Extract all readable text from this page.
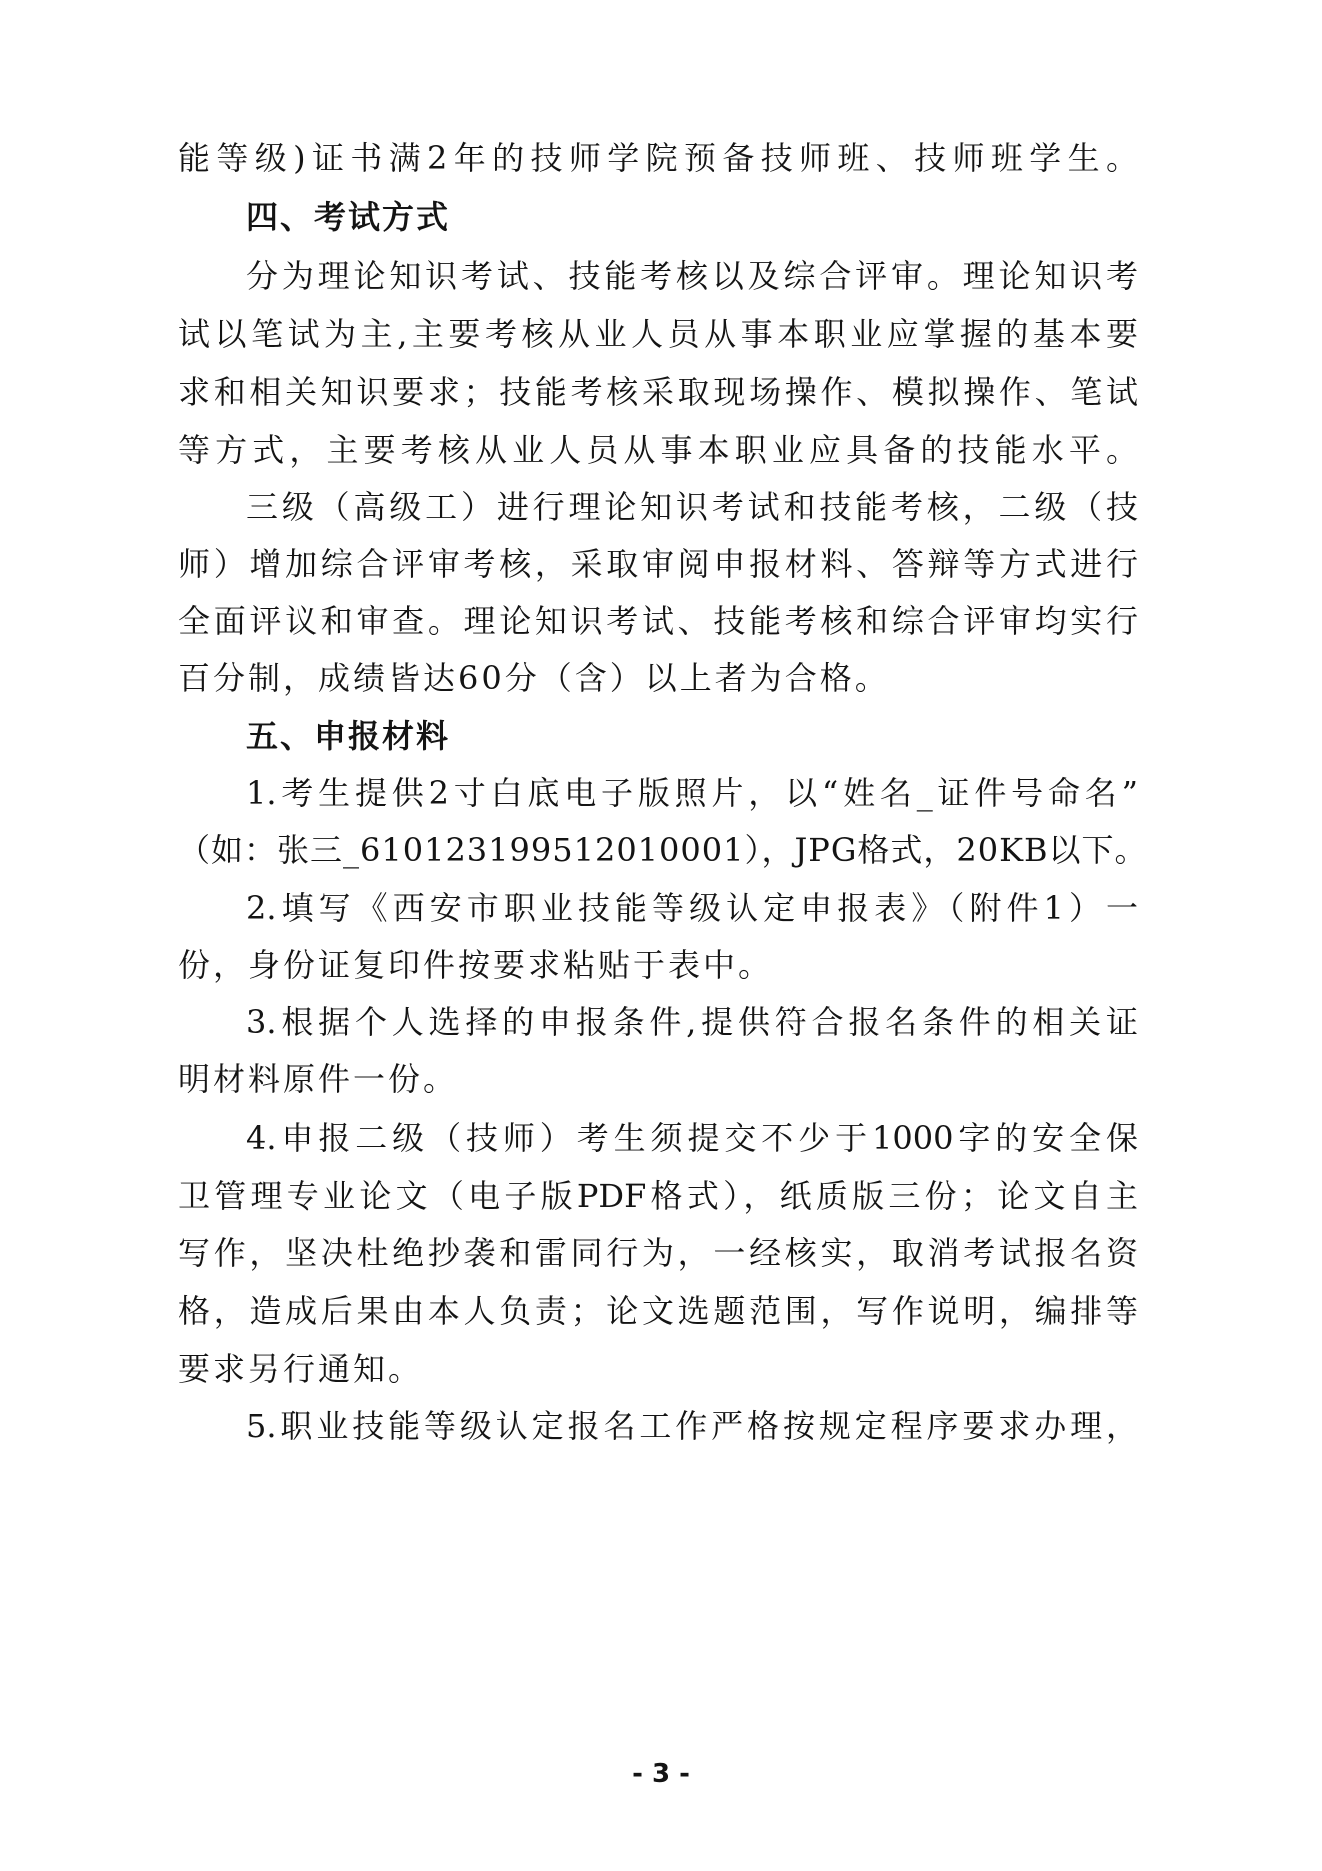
能等级)证书满2年的技师学院预备技师班、技师班学生。
四、考试方式
分为理论知识考试、技能考核以及综合评审。理论知识考
试以笔试为主,主要考核从业人员从事本职业应掌握的基本要
求和相关知识要求；技能考核采取现场操作、模拟操作、笔试
等方式，主要考核从业人员从事本职业应具备的技能水平。
三级（高级工）进行理论知识考试和技能考核，二级（技
师）增加综合评审考核，采取审阅申报材料、答辩等方式进行
全面评议和审查。理论知识考试、技能考核和综合评审均实行
百分制，成绩皆达60分（含）以上者为合格。
五、申报材料
1.考生提供2寸白底电子版照片，以“姓名_证件号命名”
（如：张三_610123199512010001），JPG格式，20KB以下。
2.填写《西安市职业技能等级认定申报表》（附件1）一
份，身份证复印件按要求粘贴于表中。
3.根据个人选择的申报条件,提供符合报名条件的相关证
明材料原件一份。
4.申报二级（技师）考生须提交不少于1000字的安全保
卫管理专业论文（电子版PDF格式），纸质版三份；论文自主
写作，坚决杜绝抄袭和雷同行为，一经核实，取消考试报名资
格，造成后果由本人负责；论文选题范围，写作说明，编排等
要求另行通知。
5.职业技能等级认定报名工作严格按规定程序要求办理，
- 3 -
